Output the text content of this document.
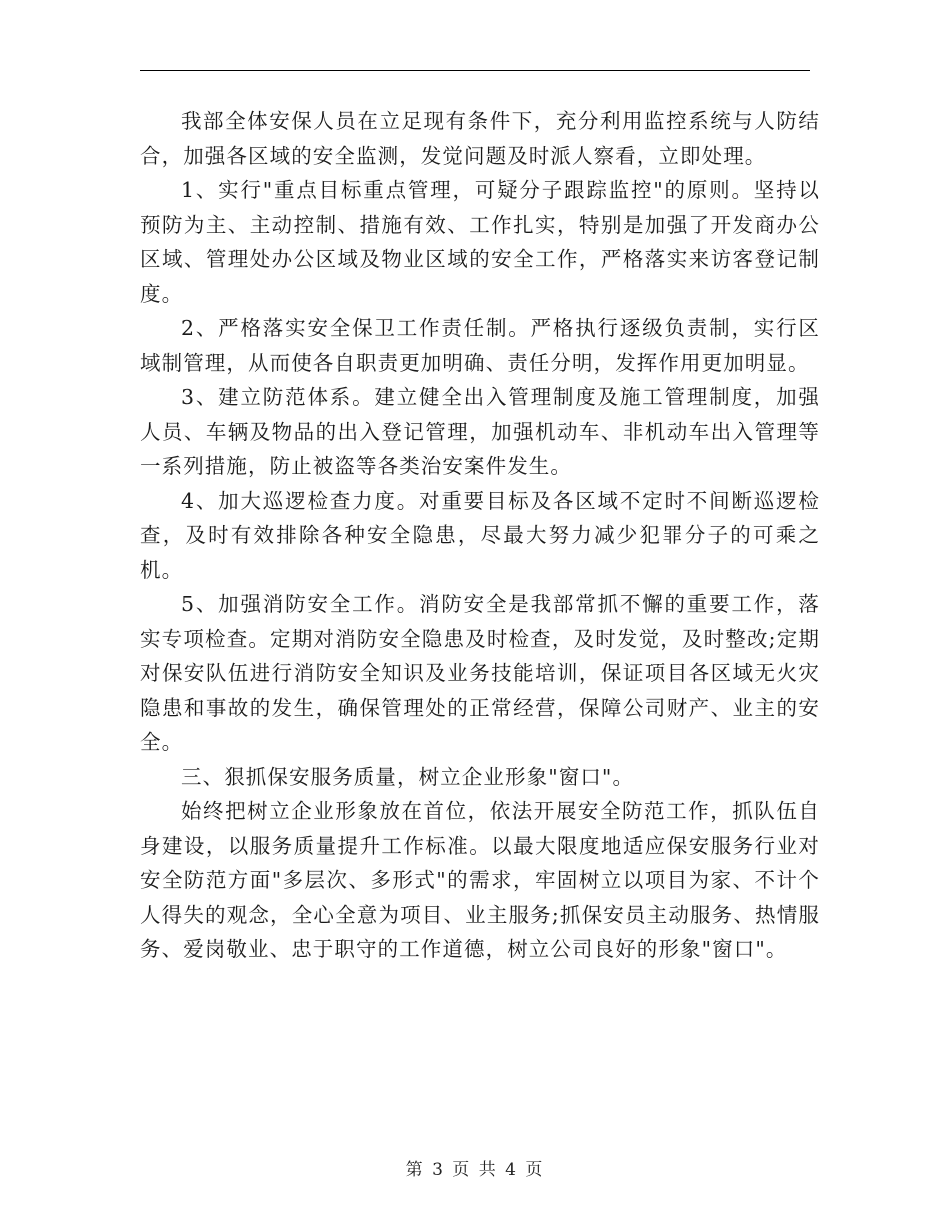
我部全体安保人员在立足现有条件下，充分利用监控系统与人防结合，加强各区域的安全监测，发觉问题及时派人察看，立即处理。

1、实行"重点目标重点管理，可疑分子跟踪监控"的原则。坚持以预防为主、主动控制、措施有效、工作扎实，特别是加强了开发商办公区域、管理处办公区域及物业区域的安全工作，严格落实来访客登记制度。

2、严格落实安全保卫工作责任制。严格执行逐级负责制，实行区域制管理，从而使各自职责更加明确、责任分明，发挥作用更加明显。

3、建立防范体系。建立健全出入管理制度及施工管理制度，加强人员、车辆及物品的出入登记管理，加强机动车、非机动车出入管理等一系列措施，防止被盗等各类治安案件发生。

4、加大巡逻检查力度。对重要目标及各区域不定时不间断巡逻检查，及时有效排除各种安全隐患，尽最大努力减少犯罪分子的可乘之机。

5、加强消防安全工作。消防安全是我部常抓不懈的重要工作，落实专项检查。定期对消防安全隐患及时检查，及时发觉，及时整改;定期对保安队伍进行消防安全知识及业务技能培训，保证项目各区域无火灾隐患和事故的发生，确保管理处的正常经营，保障公司财产、业主的安全。

三、狠抓保安服务质量，树立企业形象"窗口"。

始终把树立企业形象放在首位，依法开展安全防范工作，抓队伍自身建设，以服务质量提升工作标准。以最大限度地适应保安服务行业对安全防范方面"多层次、多形式"的需求，牢固树立以项目为家、不计个人得失的观念，全心全意为项目、业主服务;抓保安员主动服务、热情服务、爱岗敬业、忠于职守的工作道德，树立公司良好的形象"窗口"。

第 3 页 共 4 页
